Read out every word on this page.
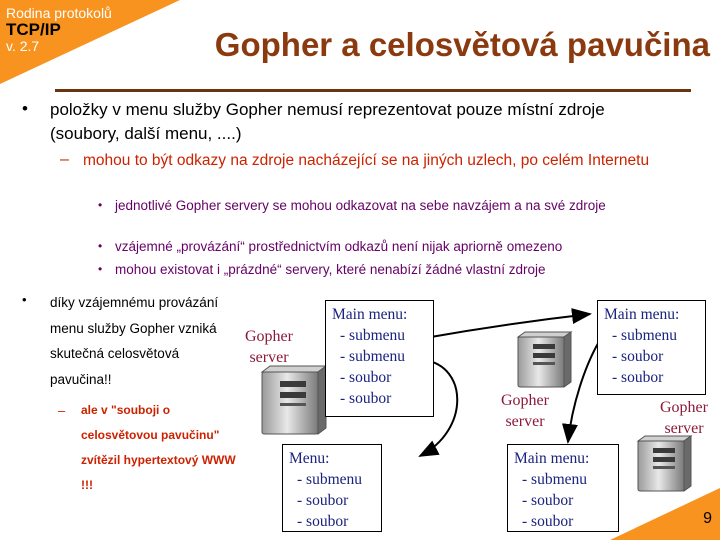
Rodina protokolů
TCP/IP
v. 2.7	Gopher a celosvětová pavučina
• položky v menu služby Gopher nemusí reprezentovat pouze místní zdroje (soubory, další menu, ....)
– mohou to být odkazy na zdroje nacházející se na jiných uzlech, po celém Internetu
• jednotlivé Gopher servery se mohou odkazovat na sebe navzájem a na své zdroje
• vzájemné „provázání“ prostřednictvím odkazů není nijak apriorně omezeno
• mohou existovat i „prázdné“ servery, které nenabízí žádné vlastní zdroje
• díky vzájemnému provázání menu služby Gopher vzniká skutečná celosvětová pavučina!!
– ale v "souboji o celosvětovou pavučinu" zvítězil hypertextový WWW !!!
Main menu:
- submenu
- submenu
- soubor
- soubor
Main menu:
- submenu
- soubor
- soubor
Menu:
- submenu
- soubor
- soubor
Main menu:
- submenu
- soubor
- soubor
Gopher
server
Gopher
server
Gopher
server
9
